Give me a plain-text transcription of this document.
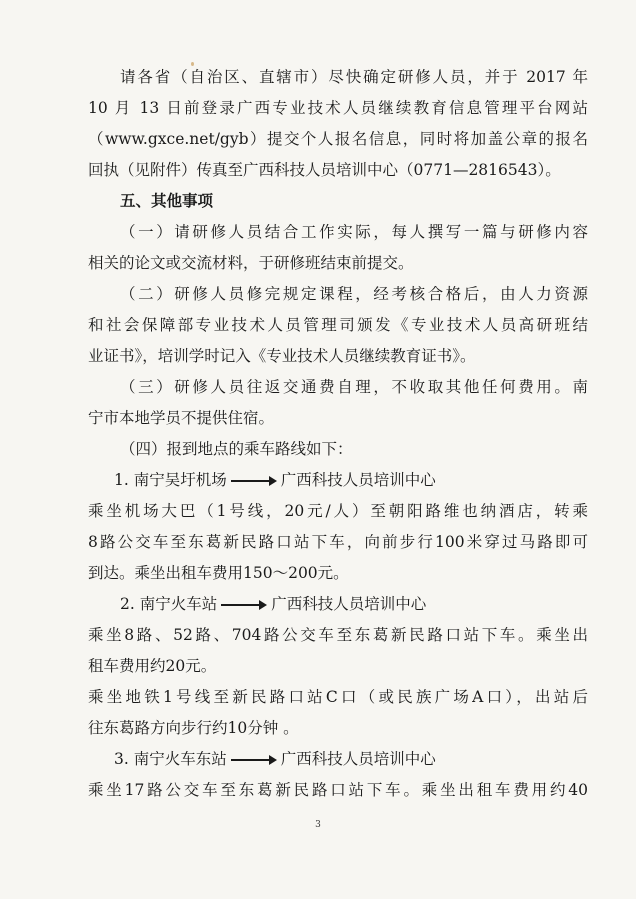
请各省（自治区、直辖市）尽快确定研修人员，并于 2017 年
10 月 13 日前登录广西专业技术人员继续教育信息管理平台网站
（www.gxce.net/gyb）提交个人报名信息，同时将加盖公章的报名
回执（见附件）传真至广西科技人员培训中心（0771—2816543）。
五、其他事项
（一）请研修人员结合工作实际，每人撰写一篇与研修内容
相关的论文或交流材料，于研修班结束前提交。
（二）研修人员修完规定课程，经考核合格后，由人力资源
和社会保障部专业技术人员管理司颁发《专业技术人员高研班结
业证书》，培训学时记入《专业技术人员继续教育证书》。
（三）研修人员往返交通费自理，不收取其他任何费用。南
宁市本地学员不提供住宿。
（四）报到地点的乘车路线如下：
1. 南宁吴圩机场	广西科技人员培训中心
乘坐机场大巴（1号线，20元/人）至朝阳路维也纳酒店，转乘
8路公交车至东葛新民路口站下车，向前步行100米穿过马路即可
到达。乘坐出租车费用150～200元。
2. 南宁火车站	广西科技人员培训中心
乘坐8路、52路、704路公交车至东葛新民路口站下车。乘坐出
租车费用约20元。
乘坐地铁1号线至新民路口站C口（或民族广场A口），出站后
往东葛路方向步行约10分钟 。
3. 南宁火车东站	广西科技人员培训中心
乘坐17路公交车至东葛新民路口站下车。乘坐出租车费用约40
3
